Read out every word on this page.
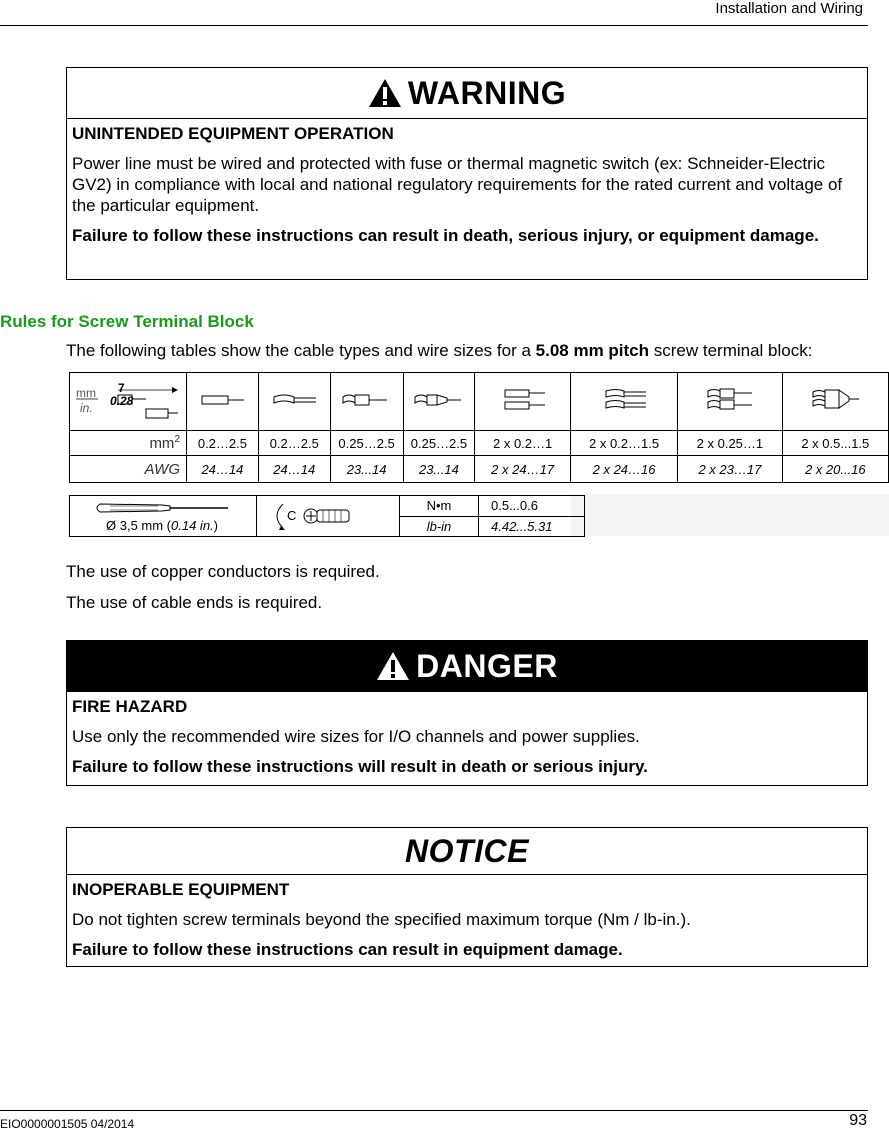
Installation and Wiring
WARNING

UNINTENDED EQUIPMENT OPERATION

Power line must be wired and protected with fuse or thermal magnetic switch (ex: Schneider-Electric GV2) in compliance with local and national regulatory requirements for the rated current and voltage of the particular equipment.

Failure to follow these instructions can result in death, serious injury, or equipment damage.

Rules for Screw Terminal Block
The following tables show the cable types and wire sizes for a 5.08 mm pitch screw terminal block:
mm
in.
7
0.28

$mm^2$	0.2…2.5	0.2…2.5	0.25…2.5	0.25…2.5	2 x 0.2…1	2 x 0.2…1.5	2 x 0.25…1	2 x 0.5...1.5
AWG	24…14	24…14	23...14	23...14	2 x 24…17	2 x 24…16	2 x 23…17	2 x 20...16
Ø 3,5 mm (0.14 in.)	C	N•m	0.5...0.6
		lb-in	4.42...5.31
The use of copper conductors is required.
The use of cable ends is required.
DANGER

FIRE HAZARD

Use only the recommended wire sizes for I/O channels and power supplies.

Failure to follow these instructions will result in death or serious injury.

NOTICE

INOPERABLE EQUIPMENT

Do not tighten screw terminals beyond the specified maximum torque (Nm / lb-in.).

Failure to follow these instructions can result in equipment damage.

EIO0000001505 04/2014	93
